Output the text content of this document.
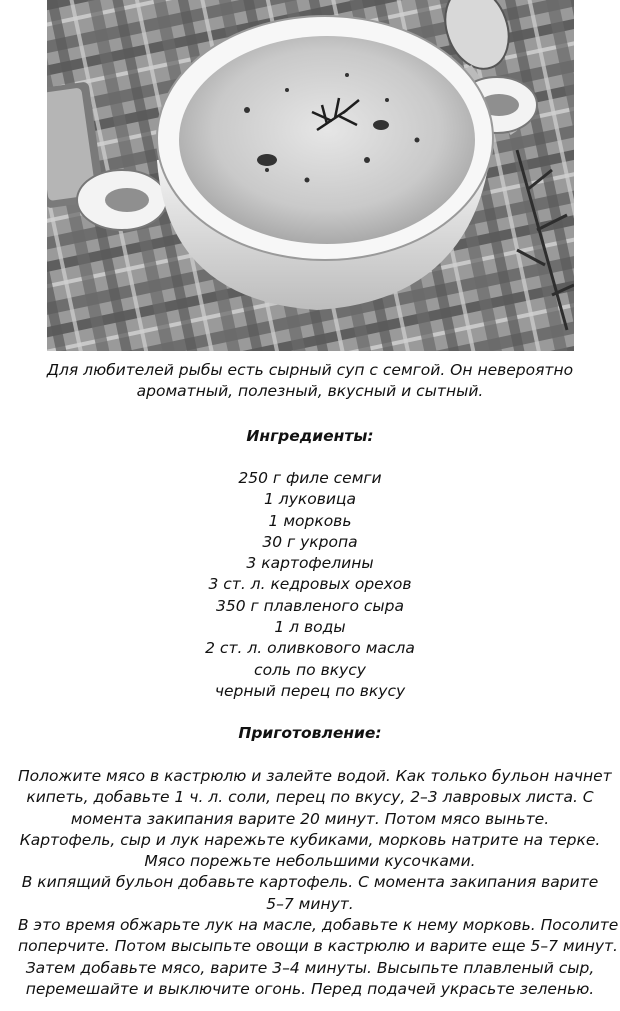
Для любителей рыбы есть сырный суп с семгой. Он невероятно
ароматный, полезный, вкусный и сытный.
Ингредиенты:
250 г филе семги
1 луковица
1 морковь
30 г укропа
3 картофелины
3 ст. л. кедровых орехов
350 г плавленого сыра
1 л воды
2 ст. л. оливкового масла
соль по вкусу
черный перец по вкусу
Приготовление:
Положите мясо в кастрюлю и залейте водой. Как только бульон начнет
кипеть, добавьте 1 ч. л. соли, перец по вкусу, 2–3 лавровых листа. С
момента закипания варите 20 минут. Потом мясо выньте.
Картофель, сыр и лук нарежьте кубиками, морковь натрите на терке.
Мясо порежьте небольшими кусочками.
В кипящий бульон добавьте картофель. С момента закипания варите
5–7 минут.
В это время обжарьте лук на масле, добавьте к нему морковь. Посолите
поперчите. Потом высыпьте овощи в кастрюлю и варите еще 5–7 минут.
Затем добавьте мясо, варите 3–4 минуты. Высыпьте плавленый сыр,
перемешайте и выключите огонь. Перед подачей украсьте зеленью.
